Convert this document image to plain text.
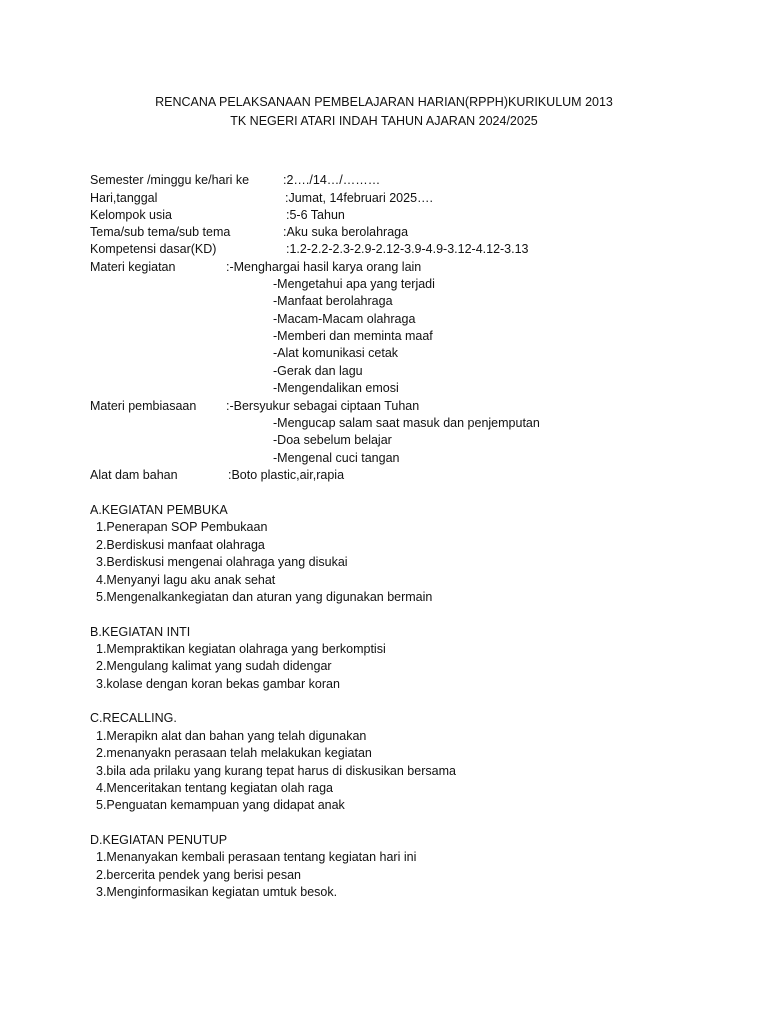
RENCANA PELAKSANAAN PEMBELAJARAN HARIAN(RPPH)KURIKULUM 2013
TK NEGERI ATARI INDAH TAHUN AJARAN 2024/2025
Semester /minggu ke/hari ke	:2…./14…/………
Hari,tanggal	:Jumat, 14februari 2025….
Kelompok usia	:5-6 Tahun
Tema/sub tema/sub tema	:Aku suka berolahraga
Kompetensi dasar(KD)	:1.2-2.2-2.3-2.9-2.12-3.9-4.9-3.12-4.12-3.13
Materi kegiatan	:-Menghargai hasil karya orang lain
-Mengetahui apa yang terjadi
-Manfaat berolahraga
-Macam-Macam olahraga
-Memberi dan meminta maaf
-Alat komunikasi cetak
-Gerak dan lagu
-Mengendalikan emosi
Materi pembiasaan :-Bersyukur sebagai ciptaan Tuhan
-Mengucap salam saat masuk dan penjemputan
-Doa sebelum belajar
-Mengenal cuci tangan
Alat dam bahan	:Boto plastic,air,rapia
A.KEGIATAN PEMBUKA
1.Penerapan SOP Pembukaan
2.Berdiskusi manfaat olahraga
3.Berdiskusi mengenai olahraga yang disukai
4.Menyanyi lagu aku anak sehat
5.Mengenalkankegiatan dan aturan yang digunakan bermain
B.KEGIATAN INTI
1.Mempraktikan kegiatan olahraga yang berkomptisi
2.Mengulang kalimat yang sudah didengar
3.kolase dengan koran bekas gambar koran
C.RECALLING.
1.Merapikn alat dan bahan yang telah digunakan
2.menanyakn perasaan telah melakukan kegiatan
3.bila ada prilaku yang kurang tepat harus di diskusikan bersama
4.Menceritakan tentang kegiatan olah raga
5.Penguatan kemampuan yang didapat anak
D.KEGIATAN PENUTUP
1.Menanyakan kembali perasaan tentang kegiatan hari ini
2.bercerita pendek yang berisi pesan
3.Menginformasikan kegiatan umtuk besok.
